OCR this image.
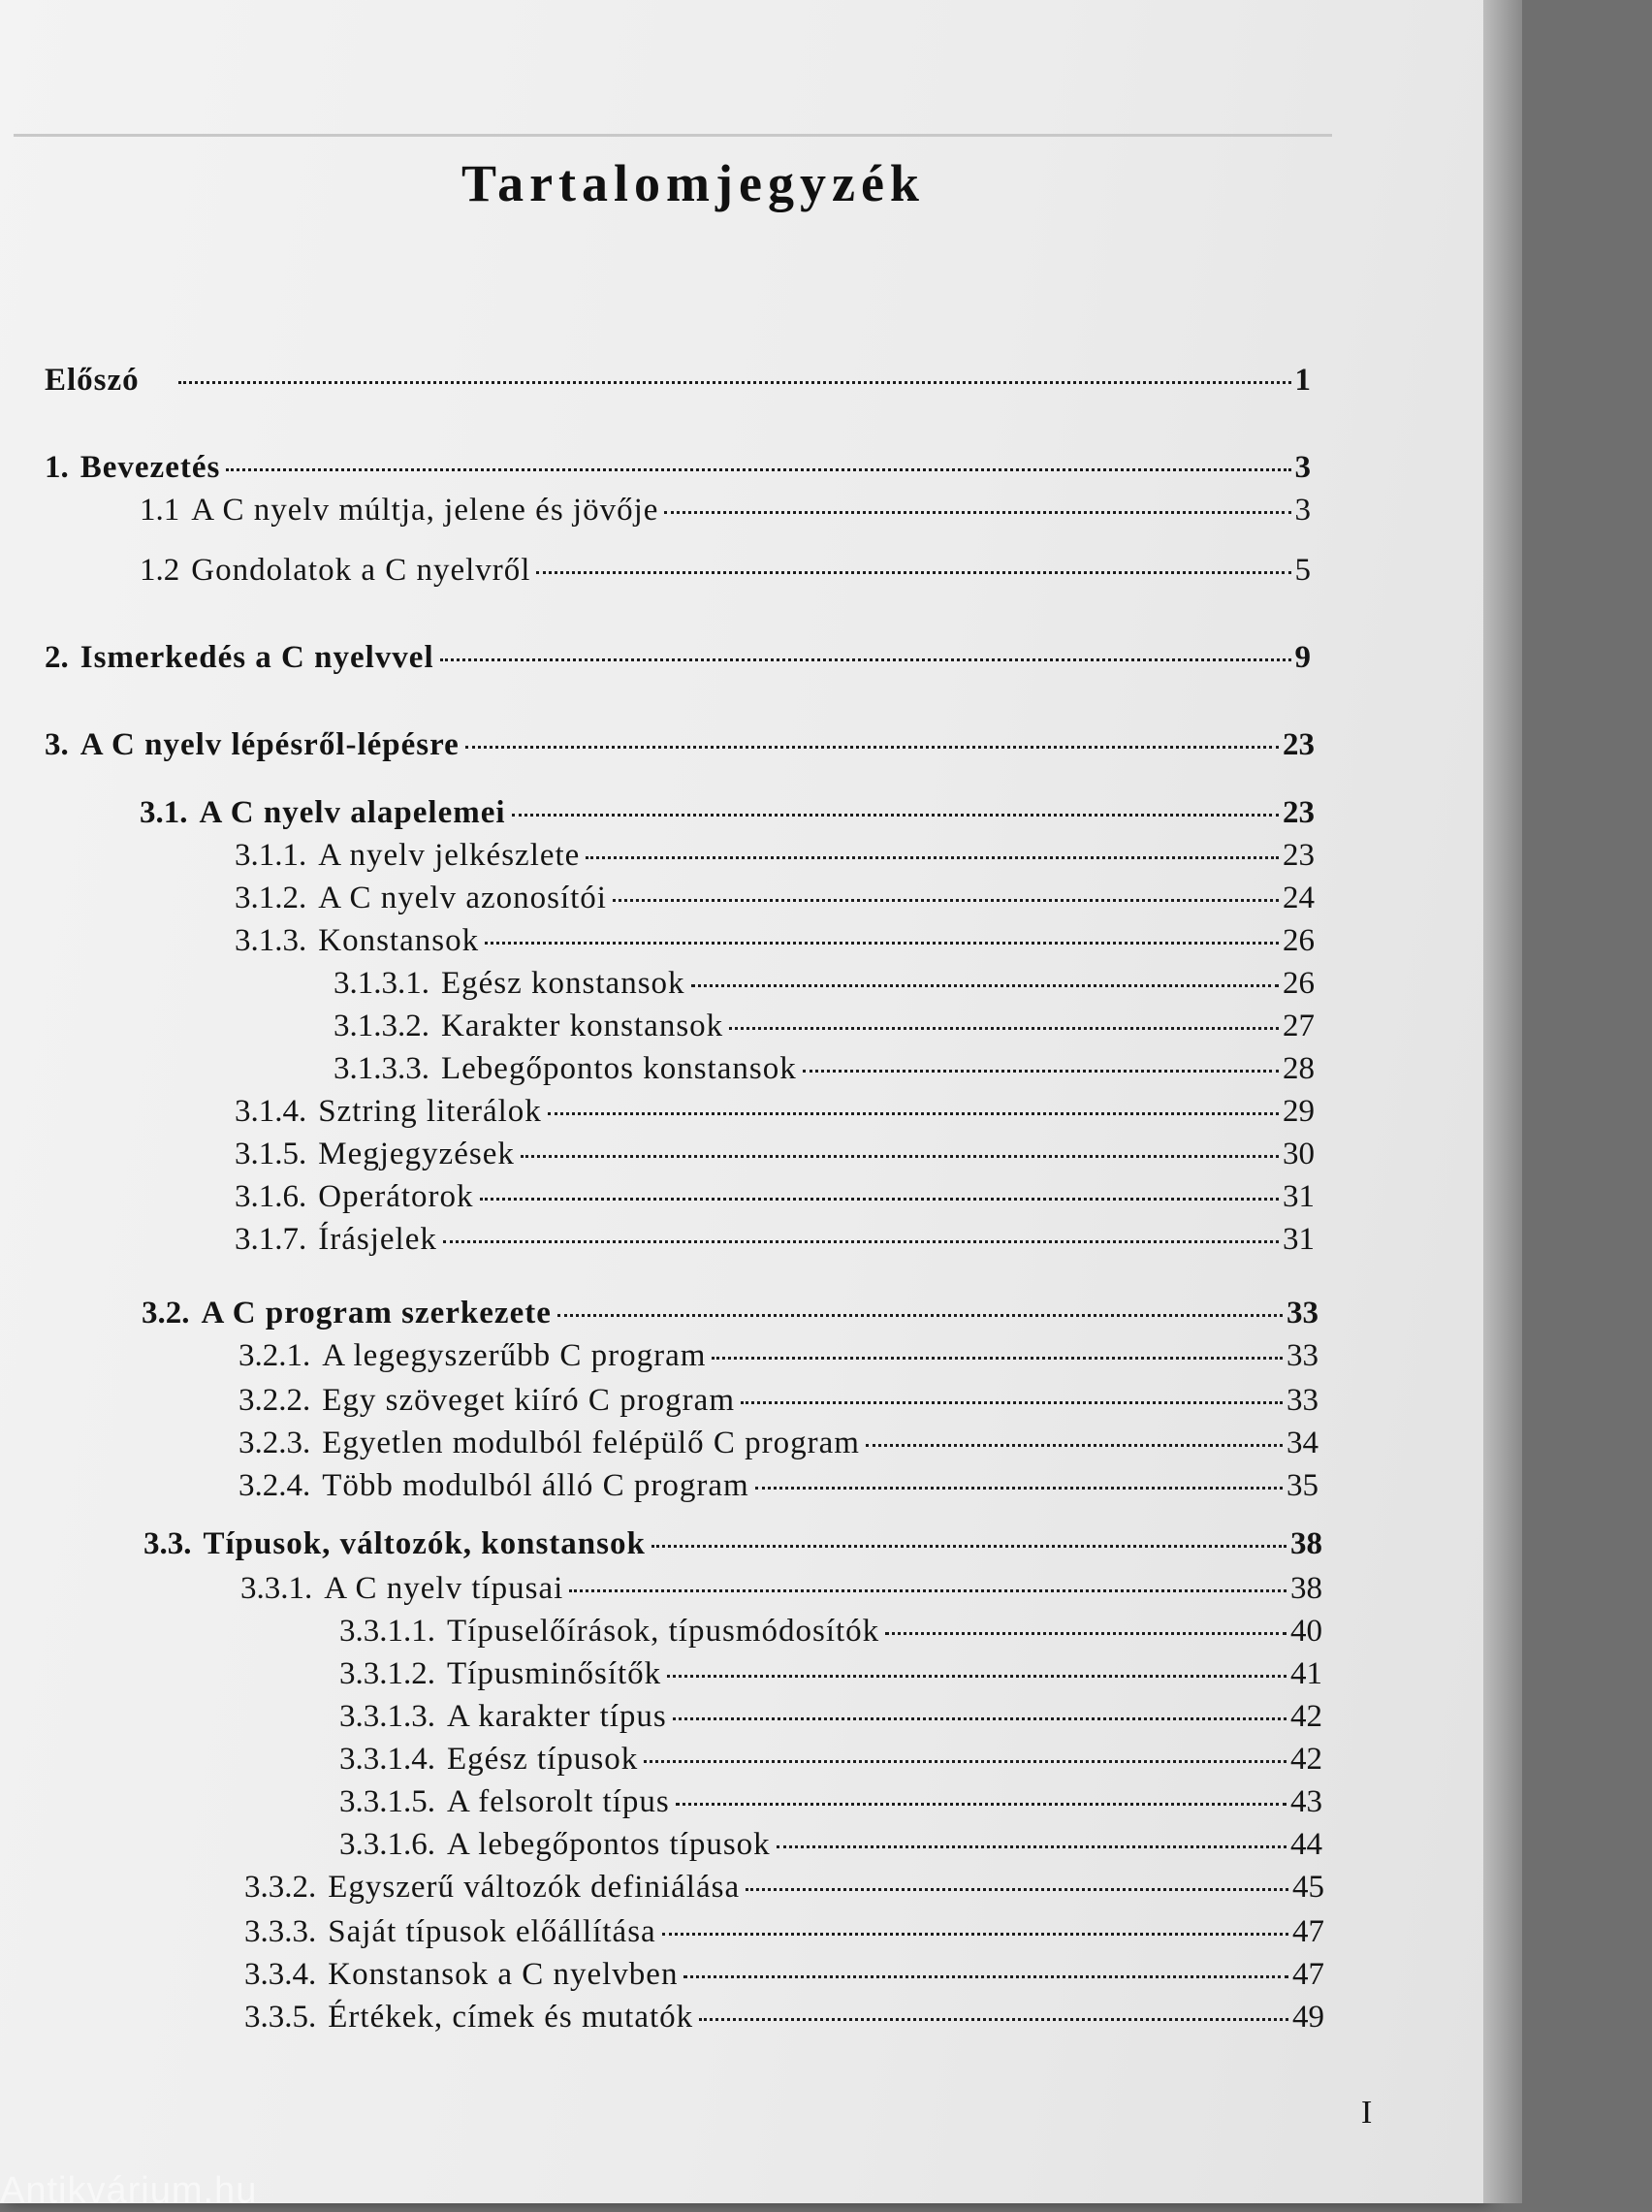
Tartalomjegyzék
Előszó	1
1. Bevezetés	3
1.1 A C nyelv múltja, jelene és jövője	3
1.2 Gondolatok a C nyelvről	5
2. Ismerkedés a C nyelvvel	9
3. A C nyelv lépésről-lépésre	23
3.1. A C nyelv alapelemei	23
3.1.1. A nyelv jelkészlete	23
3.1.2. A C nyelv azonosítói	24
3.1.3. Konstansok	26
3.1.3.1. Egész konstansok	26
3.1.3.2. Karakter konstansok	27
3.1.3.3. Lebegőpontos konstansok	28
3.1.4. Sztring literálok	29
3.1.5. Megjegyzések	30
3.1.6. Operátorok	31
3.1.7. Írásjelek	31
3.2. A C program szerkezete	33
3.2.1. A legegyszerűbb C program	33
3.2.2. Egy szöveget kiíró C program	33
3.2.3. Egyetlen modulból felépülő C program	34
3.2.4. Több modulból álló C program	35
3.3. Típusok, változók, konstansok	38
3.3.1. A C nyelv típusai	38
3.3.1.1. Típuselőírások, típusmódosítók	40
3.3.1.2. Típusminősítők	41
3.3.1.3. A karakter típus	42
3.3.1.4. Egész típusok	42
3.3.1.5. A felsorolt típus	43
3.3.1.6. A lebegőpontos típusok	44
3.3.2. Egyszerű változók definiálása	45
3.3.3. Saját típusok előállítása	47
3.3.4. Konstansok a C nyelvben	47
3.3.5. Értékek, címek és mutatók	49
I
Antikvárium.hu
